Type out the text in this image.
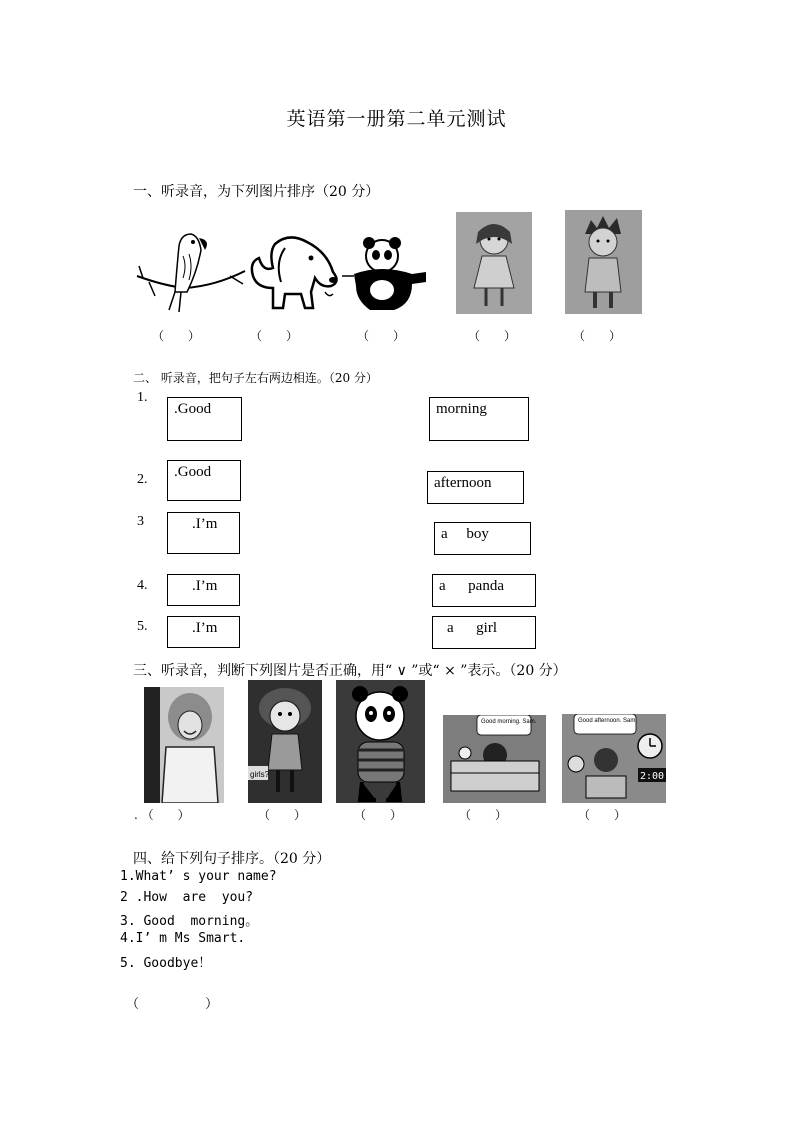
英语第一册第二单元测试
一、听录音，为下列图片排序（20 分）
（　　）	（　　）	（　　）	（　　）	（　　）
二、 听录音，把句子左右两边相连。（20 分）
1.
2.
3
4.
5.
.Good
.Good
.I’m
.I’m
.I’m
morning
afternoon
a     boy
a      panda
a      girl
三、听录音，判断下列图片是否正确，用“ ∨ ”或“ × ”表示。（20 分）
girls?
Good morning. Sam.	Good afternoon. Sam.
2:00
. （　　）	（　　）	（　　）	（　　）	（　　）
四、给下列句子排序。（20 分）
1.What’ s your name?
2 .How  are  you?
3. Good  morning。
4.I’ m Ms Smart.
5. Goodbye！
（                ）
